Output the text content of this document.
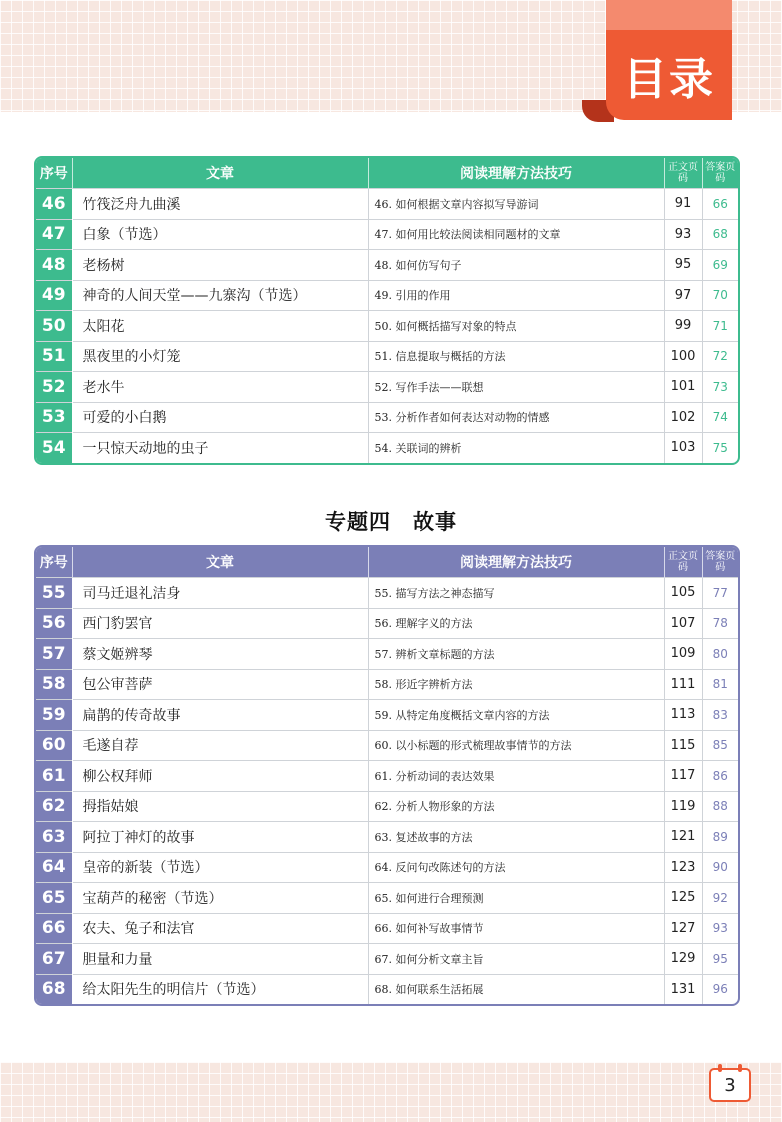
目录
序号	文章	阅读理解方法技巧	正文页码	答案页码
46	竹筏泛舟九曲溪	46. 如何根据文章内容拟写导游词	91	66
47	白象（节选）	47. 如何用比较法阅读相同题材的文章	93	68
48	老杨树	48. 如何仿写句子	95	69
49	神奇的人间天堂——九寨沟（节选）	49. 引用的作用	97	70
50	太阳花	50. 如何概括描写对象的特点	99	71
51	黑夜里的小灯笼	51. 信息提取与概括的方法	100	72
52	老水牛	52. 写作手法——联想	101	73
53	可爱的小白鹅	53. 分析作者如何表达对动物的情感	102	74
54	一只惊天动地的虫子	54. 关联词的辨析	103	75
专题四　故事
序号	文章	阅读理解方法技巧	正文页码	答案页码
55	司马迁退礼洁身	55. 描写方法之神态描写	105	77
56	西门豹罢官	56. 理解字义的方法	107	78
57	蔡文姬辨琴	57. 辨析文章标题的方法	109	80
58	包公审菩萨	58. 形近字辨析方法	111	81
59	扁鹊的传奇故事	59. 从特定角度概括文章内容的方法	113	83
60	毛遂自荐	60. 以小标题的形式梳理故事情节的方法	115	85
61	柳公权拜师	61. 分析动词的表达效果	117	86
62	拇指姑娘	62. 分析人物形象的方法	119	88
63	阿拉丁神灯的故事	63. 复述故事的方法	121	89
64	皇帝的新装（节选）	64. 反问句改陈述句的方法	123	90
65	宝葫芦的秘密（节选）	65. 如何进行合理预测	125	92
66	农夫、兔子和法官	66. 如何补写故事情节	127	93
67	胆量和力量	67. 如何分析文章主旨	129	95
68	给太阳先生的明信片（节选）	68. 如何联系生活拓展	131	96
3
